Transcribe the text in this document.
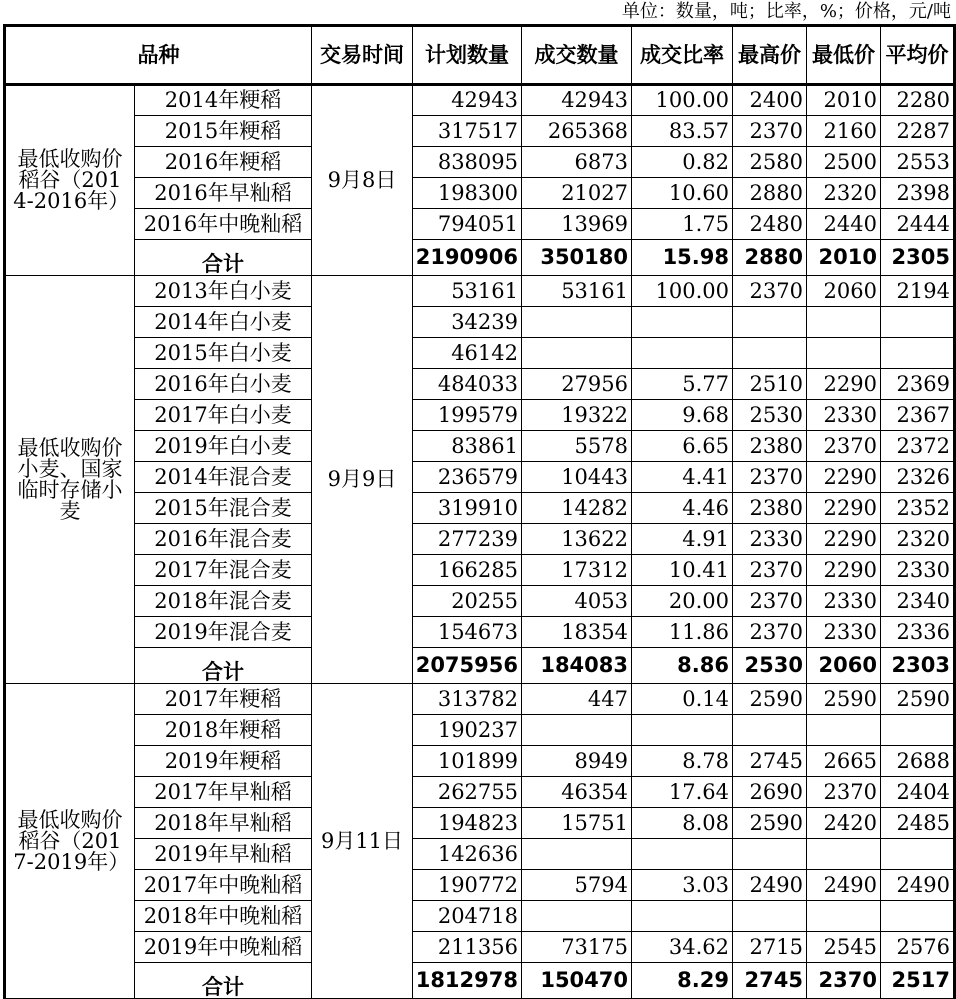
单位：数量，吨；比率，%；价格，元/吨
品种		交易时间	计划数量	成交数量	成交比率	最高价	最低价	平均价

最低收购价稻谷（2014-2016年）	2014年粳稻	9月8日	42943	42943	100.00	2400	2010	2280
	2015年粳稻		317517	265368	83.57	2370	2160	2287
	2016年粳稻		838095	6873	0.82	2580	2500	2553
	2016年早籼稻		198300	21027	10.60	2880	2320	2398
	2016年中晚籼稻		794051	13969	1.75	2480	2440	2444
	合计		2190906	350180	15.98	2880	2010	2305

最低收购价小麦、国家临时存储小麦	2013年白小麦	9月9日	53161	53161	100.00	2370	2060	2194
	2014年白小麦		34239					
	2015年白小麦		46142					
	2016年白小麦		484033	27956	5.77	2510	2290	2369
	2017年白小麦		199579	19322	9.68	2530	2330	2367
	2019年白小麦		83861	5578	6.65	2380	2370	2372
	2014年混合麦		236579	10443	4.41	2370	2290	2326
	2015年混合麦		319910	14282	4.46	2380	2290	2352
	2016年混合麦		277239	13622	4.91	2330	2290	2320
	2017年混合麦		166285	17312	10.41	2370	2290	2330
	2018年混合麦		20255	4053	20.00	2370	2330	2340
	2019年混合麦		154673	18354	11.86	2370	2330	2336
	合计		2075956	184083	8.86	2530	2060	2303

最低收购价稻谷（2017-2019年）	2017年粳稻	9月11日	313782	447	0.14	2590	2590	2590
	2018年粳稻		190237					
	2019年粳稻		101899	8949	8.78	2745	2665	2688
	2017年早籼稻		262755	46354	17.64	2690	2370	2404
	2018年早籼稻		194823	15751	8.08	2590	2420	2485
	2019年早籼稻		142636					
	2017年中晚籼稻		190772	5794	3.03	2490	2490	2490
	2018年中晚籼稻		204718					
	2019年中晚籼稻		211356	73175	34.62	2715	2545	2576
	合计		1812978	150470	8.29	2745	2370	2517
